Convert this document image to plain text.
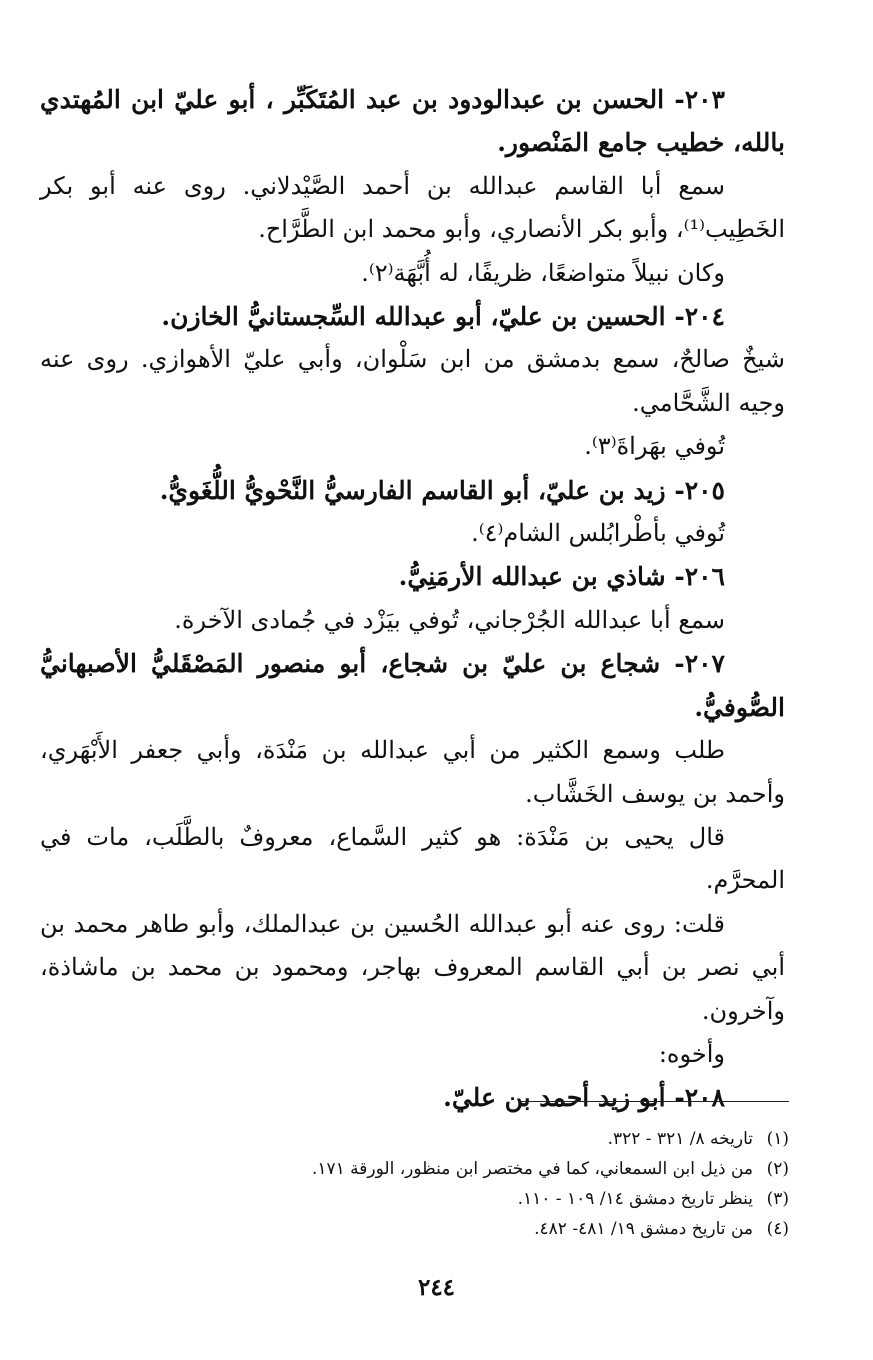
٢٠٣- الحسن بن عبدالودود بن عبد المُتَكَبِّر ، أبو عليّ ابن المُهتدي بالله، خطيب جامع المَنْصور.

سمع أبا القاسم عبدالله بن أحمد الصَّيْدلاني. روى عنه أبو بكر الخَطِيب⁽¹⁾، وأبو بكر الأنصاري، وأبو محمد ابن الطَّرَّاح.

وكان نبيلاً متواضعًا، ظريفًا، له أُبَّهَة⁽٢⁾.

٢٠٤- الحسين بن عليّ، أبو عبدالله السِّجستانيُّ الخازن.

شيخٌ صالحٌ، سمع بدمشق من ابن سَلْوان، وأبي عليّ الأهوازي. روى عنه وجيه الشَّحَّامي.

تُوفي بهَراةَ⁽٣⁾.

٢٠٥- زيد بن عليّ، أبو القاسم الفارسيُّ النَّحْويُّ اللُّغَويُّ.

تُوفي بأطْرابُلس الشام⁽٤⁾.

٢٠٦- شاذي بن عبدالله الأرمَنِيُّ.

سمع أبا عبدالله الجُرْجاني، تُوفي بيَزْد في جُمادى الآخرة.

٢٠٧- شجاع بن عليّ بن شجاع، أبو منصور المَصْقَليُّ الأصبهانيُّ الصُّوفيُّ.

طلب وسمع الكثير من أبي عبدالله بن مَنْدَة، وأبي جعفر الأَبْهَري، وأحمد بن يوسف الخَشَّاب.

قال يحيى بن مَنْدَة: هو كثير السَّماع، معروفٌ بالطَّلَب، مات في المحرَّم.

قلت: روى عنه أبو عبدالله الحُسين بن عبدالملك، وأبو طاهر محمد بن أبي نصر بن أبي القاسم المعروف بهاجر، ومحمود بن محمد بن ماشاذة، وآخرون.

وأخوه:

٢٠٨- أبو زيد أحمد بن عليّ.

(١)
تاريخه ٨/ ٣٢١ - ٣٢٢.
(٢)
من ذيل ابن السمعاني، كما في مختصر ابن منظور، الورقة ١٧١.
(٣)
ينظر تاريخ دمشق ١٤/ ١٠٩ - ١١٠.
(٤)
من تاريخ دمشق ١٩/ ٤٨١- ٤٨٢.
٢٤٤
